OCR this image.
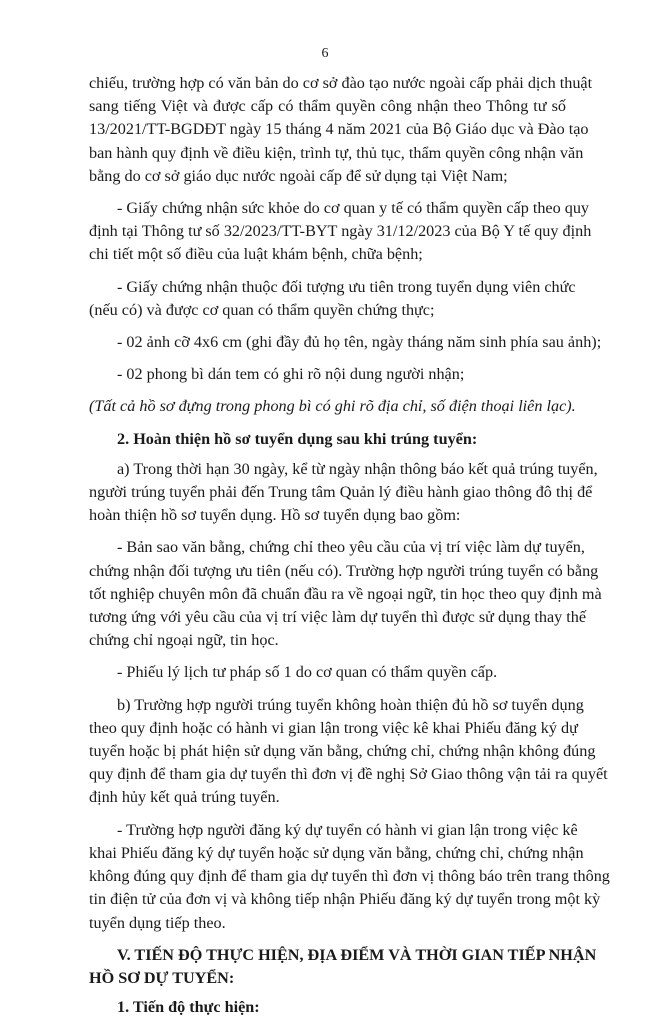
6
chiếu, trường hợp có văn bản do cơ sở đào tạo nước ngoài cấp phải dịch thuật
sang tiếng Việt và được cấp có thẩm quyền công nhận theo Thông tư số
13/2021/TT-BGDĐT ngày 15 tháng 4 năm 2021 của Bộ Giáo dục và Đào tạo
ban hành quy định về điều kiện, trình tự, thủ tục, thẩm quyền công nhận văn
bằng do cơ sở giáo dục nước ngoài cấp để sử dụng tại Việt Nam;
- Giấy chứng nhận sức khỏe do cơ quan y tế có thẩm quyền cấp theo quy
định tại Thông tư số 32/2023/TT-BYT ngày 31/12/2023 của Bộ Y tế quy định
chi tiết một số điều của luật khám bệnh, chữa bệnh;
- Giấy chứng nhận thuộc đối tượng ưu tiên trong tuyển dụng viên chức
(nếu có) và được cơ quan có thẩm quyền chứng thực;
- 02 ảnh cỡ 4x6 cm (ghi đầy đủ họ tên, ngày tháng năm sinh phía sau ảnh);
- 02 phong bì dán tem có ghi rõ nội dung người nhận;
(Tất cả hồ sơ đựng trong phong bì có ghi rõ địa chỉ, số điện thoại liên lạc).
2. Hoàn thiện hồ sơ tuyển dụng sau khi trúng tuyển:
a) Trong thời hạn 30 ngày, kể từ ngày nhận thông báo kết quả trúng tuyển,
người trúng tuyển phải đến Trung tâm Quản lý điều hành giao thông đô thị để
hoàn thiện hồ sơ tuyển dụng. Hồ sơ tuyển dụng bao gồm:
- Bản sao văn bằng, chứng chỉ theo yêu cầu của vị trí việc làm dự tuyển,
chứng nhận đối tượng ưu tiên (nếu có). Trường hợp người trúng tuyển có bằng
tốt nghiệp chuyên môn đã chuẩn đầu ra về ngoại ngữ, tin học theo quy định mà
tương ứng với yêu cầu của vị trí việc làm dự tuyển thì được sử dụng thay thế
chứng chỉ ngoại ngữ, tin học.
- Phiếu lý lịch tư pháp số 1 do cơ quan có thẩm quyền cấp.
b) Trường hợp người trúng tuyển không hoàn thiện đủ hồ sơ tuyển dụng
theo quy định hoặc có hành vi gian lận trong việc kê khai Phiếu đăng ký dự
tuyển hoặc bị phát hiện sử dụng văn bằng, chứng chỉ, chứng nhận không đúng
quy định để tham gia dự tuyển thì đơn vị đề nghị Sở Giao thông vận tải ra quyết
định hủy kết quả trúng tuyển.
- Trường hợp người đăng ký dự tuyển có hành vi gian lận trong việc kê
khai Phiếu đăng ký dự tuyển hoặc sử dụng văn bằng, chứng chỉ, chứng nhận
không đúng quy định để tham gia dự tuyển thì đơn vị thông báo trên trang thông
tin điện tử của đơn vị và không tiếp nhận Phiếu đăng ký dự tuyển trong một kỳ
tuyển dụng tiếp theo.
V. TIẾN ĐỘ THỰC HIỆN, ĐỊA ĐIỂM VÀ THỜI GIAN TIẾP NHẬN
HỒ SƠ DỰ TUYỂN:
1. Tiến độ thực hiện:
